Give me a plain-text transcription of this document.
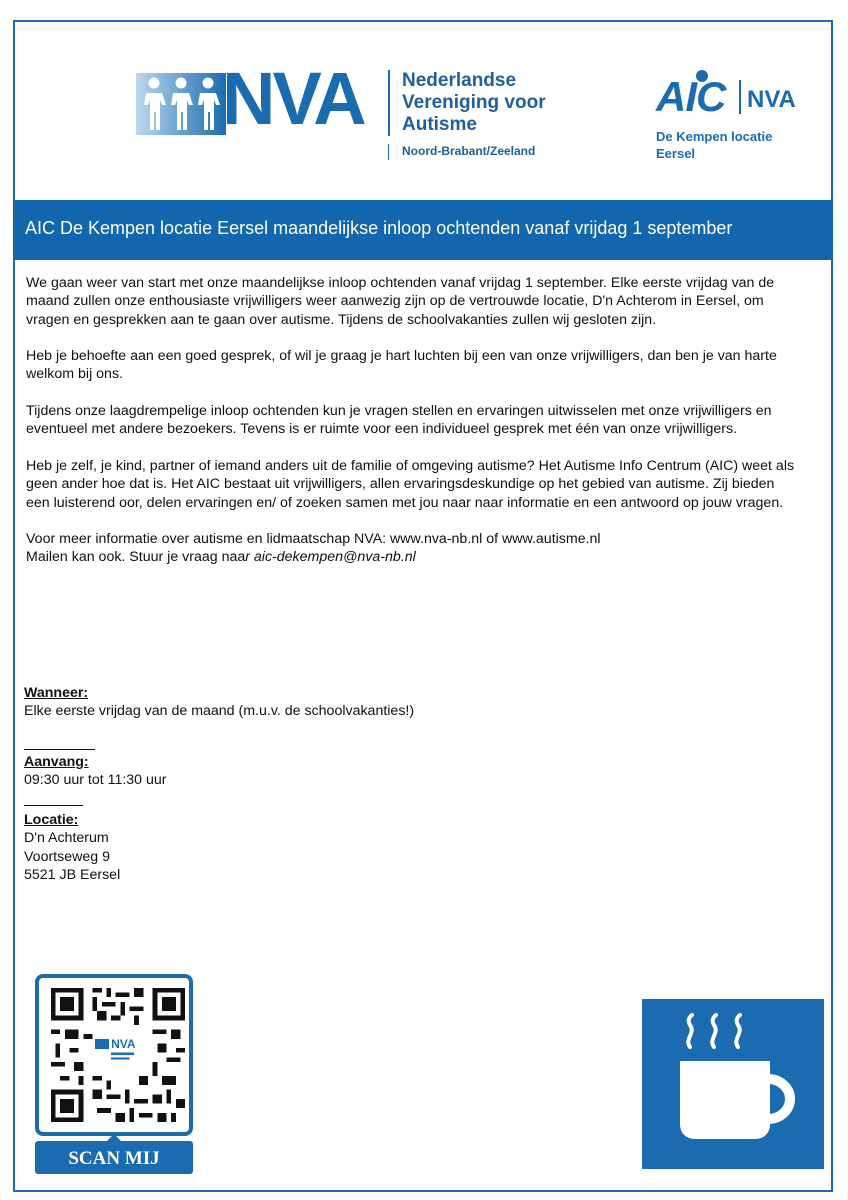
NVA Nederlandse
Vereniging voor
Autisme
Noord-Brabant/Zeeland
AIC NVA
De Kempen locatie
Eersel
AIC De Kempen locatie Eersel maandelijkse inloop ochtenden vanaf vrijdag 1 september

We gaan weer van start met onze maandelijkse inloop ochtenden vanaf vrijdag 1 september. Elke eerste vrijdag van de maand zullen onze enthousiaste vrijwilligers weer aanwezig zijn op de vertrouwde locatie, D'n Achterom in Eersel, om vragen en gesprekken aan te gaan over autisme. Tijdens de schoolvakanties zullen wij gesloten zijn.

Heb je behoefte aan een goed gesprek, of wil je graag je hart luchten bij een van onze vrijwilligers, dan ben je van harte welkom bij ons.

Tijdens onze laagdrempelige inloop ochtenden kun je vragen stellen en ervaringen uitwisselen met onze vrijwilligers en eventueel met andere bezoekers. Tevens is er ruimte voor een individueel gesprek met één van onze vrijwilligers.

Heb je zelf, je kind, partner of iemand anders uit de familie of omgeving autisme? Het Autisme Info Centrum (AIC) weet als geen ander hoe dat is. Het AIC bestaat uit vrijwilligers, allen ervaringsdeskundige op het gebied van autisme. Zij bieden een luisterend oor, delen ervaringen en/ of zoeken samen met jou naar naar informatie en een antwoord op jouw vragen.

Voor meer informatie over autisme en lidmaatschap NVA: www.nva-nb.nl of www.autisme.nl
Mailen kan ook. Stuur je vraag naar aic-dekempen@nva-nb.nl
Wanneer:
Elke eerste vrijdag van de maand (m.u.v. de schoolvakanties!)
Aanvang:
09:30 uur tot 11:30 uur
Locatie:
D'n Achterum
Voortseweg 9
5521 JB Eersel
NVA
SCAN MIJ
